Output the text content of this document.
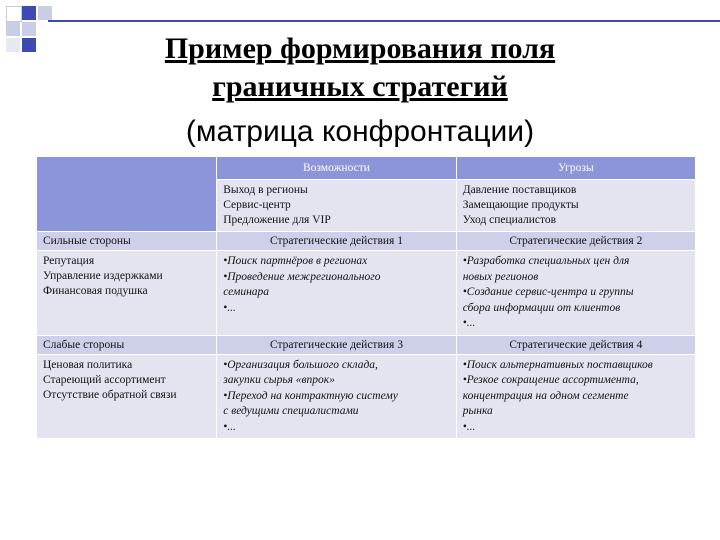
Пример формирования поля
граничных стратегий
(матрица конфронтации)
	Возможности	Угрозы

	Выход в регионы
Сервис-центр
Предложение для VIP	Давление поставщиков
Замещающие продукты
Уход специалистов

Сильные стороны	Стратегические действия 1	Стратегические действия 2

Репутация
Управление издержками
Финансовая подушка	•Поиск партнёров в регионах
•Проведение межрегионального
семинара
•...	•Разработка специальных цен для
новых регионов
•Создание сервис-центра и группы
сбора информации от клиентов
•...

Слабые стороны	Стратегические действия 3	Стратегические действия 4

Ценовая политика
Стареющий ассортимент
Отсутствие обратной связи	•Организация большого склада,
закупки сырья «впрок»
•Переход на контрактную систему
с ведущими специалистами
•...	•Поиск альтернативных поставщиков
•Резкое сокращение ассортимента,
концентрация на одном сегменте
рынка
•...
